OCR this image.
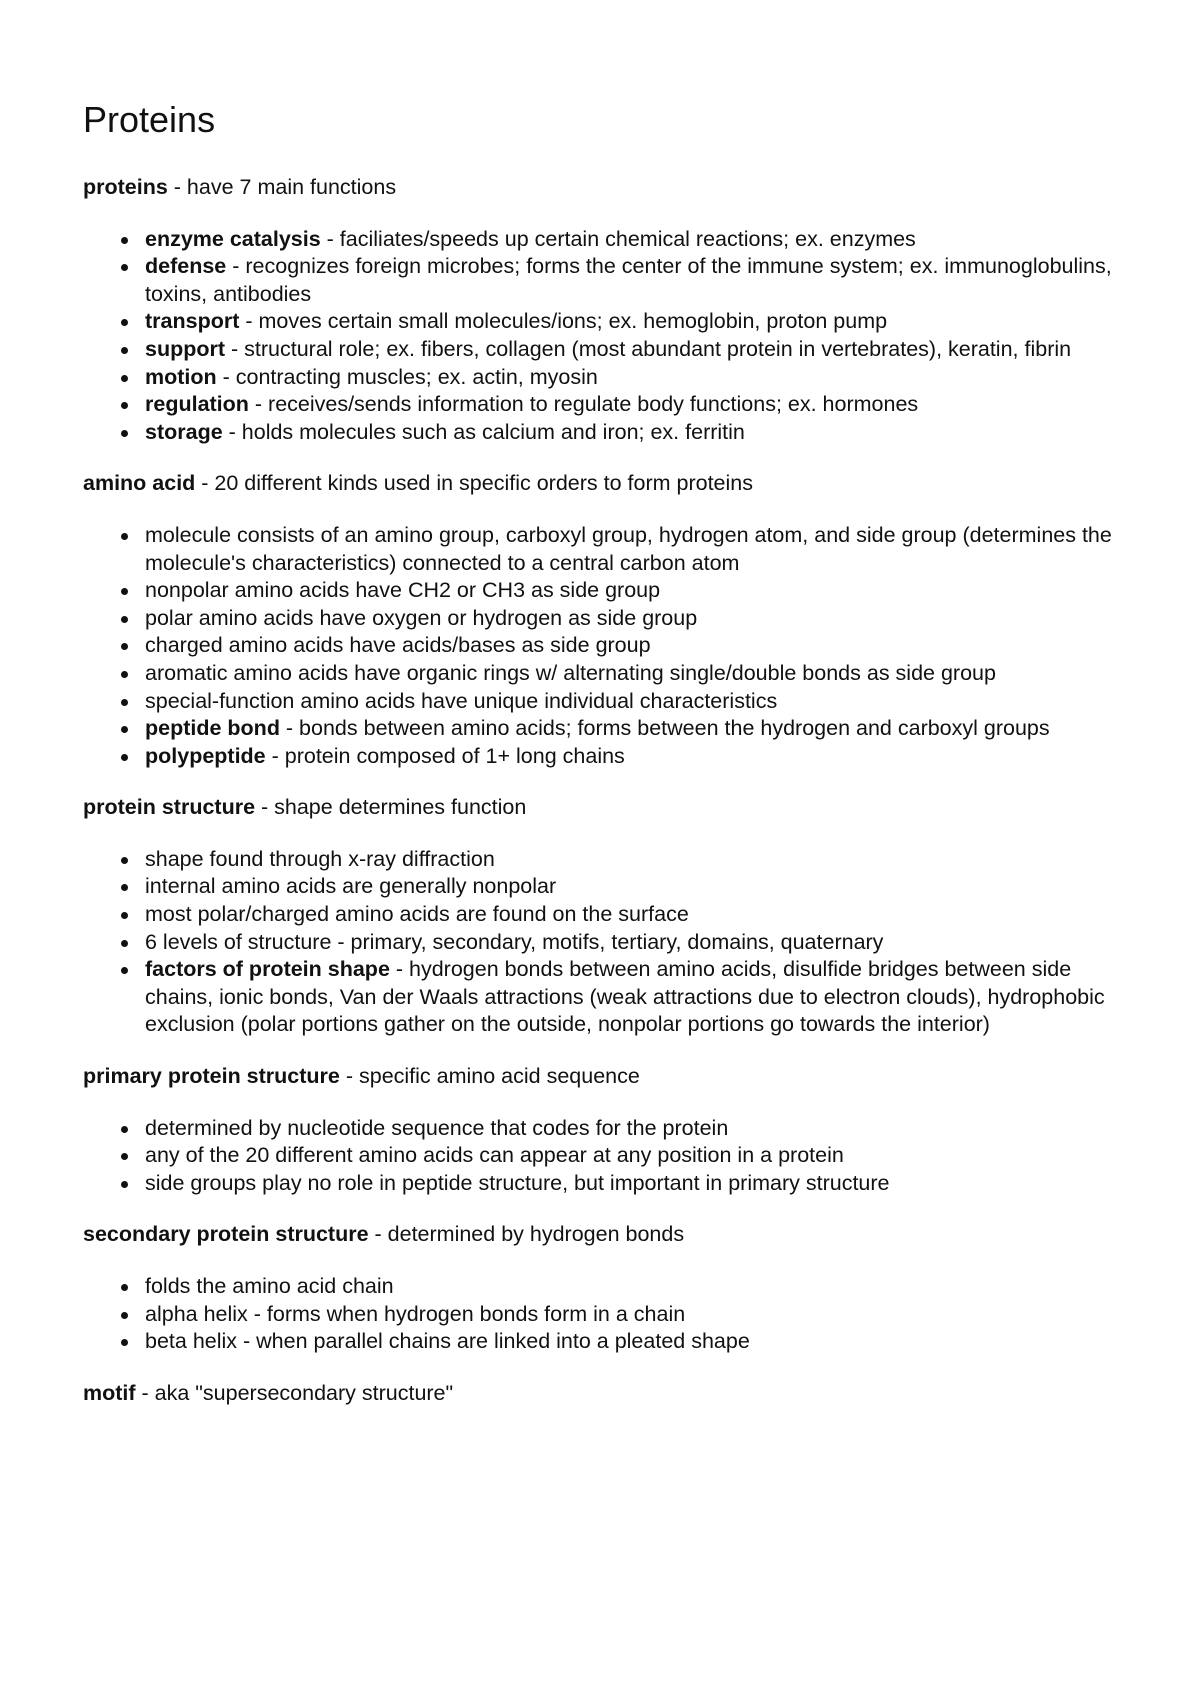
Proteins

proteins - have 7 main functions

enzyme catalysis - faciliates/speeds up certain chemical reactions; ex. enzymes
defense - recognizes foreign microbes; forms the center of the immune system; ex. immunoglobulins, toxins, antibodies
transport - moves certain small molecules/ions; ex. hemoglobin, proton pump
support - structural role; ex. fibers, collagen (most abundant protein in vertebrates), keratin, fibrin
motion - contracting muscles; ex. actin, myosin
regulation - receives/sends information to regulate body functions; ex. hormones
storage - holds molecules such as calcium and iron; ex. ferritin

amino acid - 20 different kinds used in specific orders to form proteins

molecule consists of an amino group, carboxyl group, hydrogen atom, and side group (determines the molecule's characteristics) connected to a central carbon atom
nonpolar amino acids have CH2 or CH3 as side group
polar amino acids have oxygen or hydrogen as side group
charged amino acids have acids/bases as side group
aromatic amino acids have organic rings w/ alternating single/double bonds as side group
special-function amino acids have unique individual characteristics
peptide bond - bonds between amino acids; forms between the hydrogen and carboxyl groups
polypeptide - protein composed of 1+ long chains

protein structure - shape determines function

shape found through x-ray diffraction
internal amino acids are generally nonpolar
most polar/charged amino acids are found on the surface
6 levels of structure - primary, secondary, motifs, tertiary, domains, quaternary
factors of protein shape - hydrogen bonds between amino acids, disulfide bridges between side chains, ionic bonds, Van der Waals attractions (weak attractions due to electron clouds), hydrophobic exclusion (polar portions gather on the outside, nonpolar portions go towards the interior)

primary protein structure - specific amino acid sequence

determined by nucleotide sequence that codes for the protein
any of the 20 different amino acids can appear at any position in a protein
side groups play no role in peptide structure, but important in primary structure

secondary protein structure - determined by hydrogen bonds

folds the amino acid chain
alpha helix - forms when hydrogen bonds form in a chain
beta helix - when parallel chains are linked into a pleated shape

motif - aka "supersecondary structure"
